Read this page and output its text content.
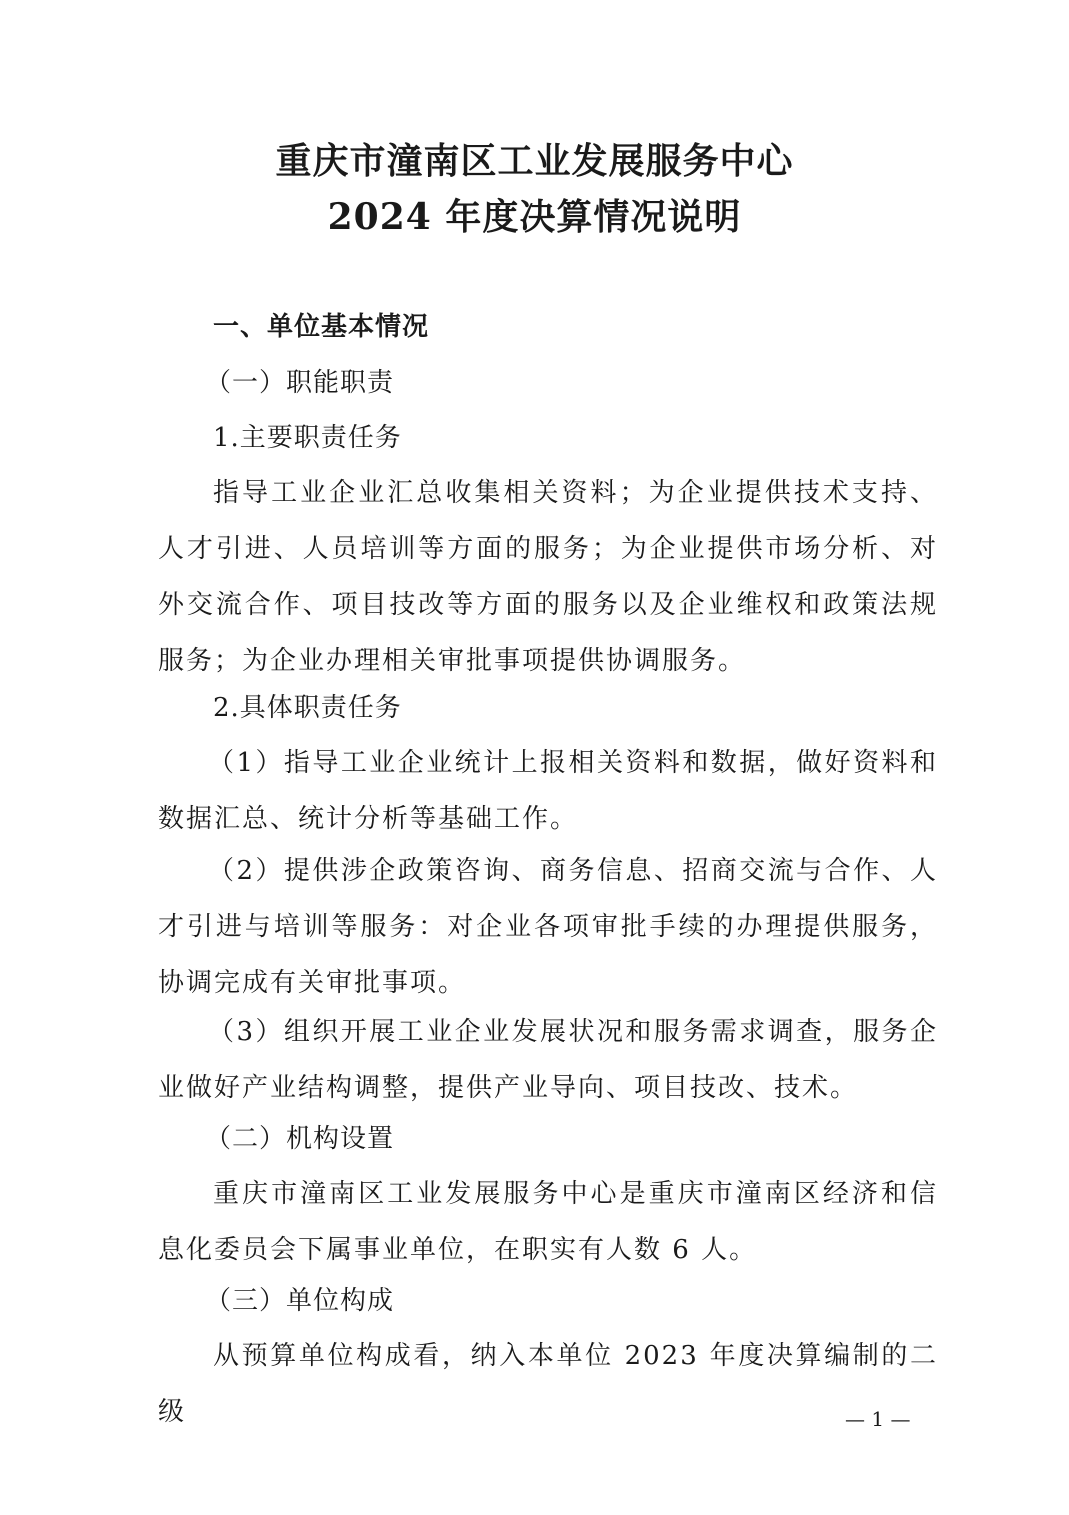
重庆市潼南区工业发展服务中心
2024 年度决算情况说明
一、单位基本情况
（一）职能职责
1.主要职责任务
指导工业企业汇总收集相关资料；为企业提供技术支持、人才引进、人员培训等方面的服务；为企业提供市场分析、对外交流合作、项目技改等方面的服务以及企业维权和政策法规服务；为企业办理相关审批事项提供协调服务。
2.具体职责任务
（1）指导工业企业统计上报相关资料和数据，做好资料和数据汇总、统计分析等基础工作。
（2）提供涉企政策咨询、商务信息、招商交流与合作、人才引进与培训等服务：对企业各项审批手续的办理提供服务，协调完成有关审批事项。
（3）组织开展工业企业发展状况和服务需求调查，服务企业做好产业结构调整，提供产业导向、项目技改、技术。
（二）机构设置
重庆市潼南区工业发展服务中心是重庆市潼南区经济和信息化委员会下属事业单位，在职实有人数 6 人。
（三）单位构成
从预算单位构成看，纳入本单位 2023 年度决算编制的二级	— 1 —
